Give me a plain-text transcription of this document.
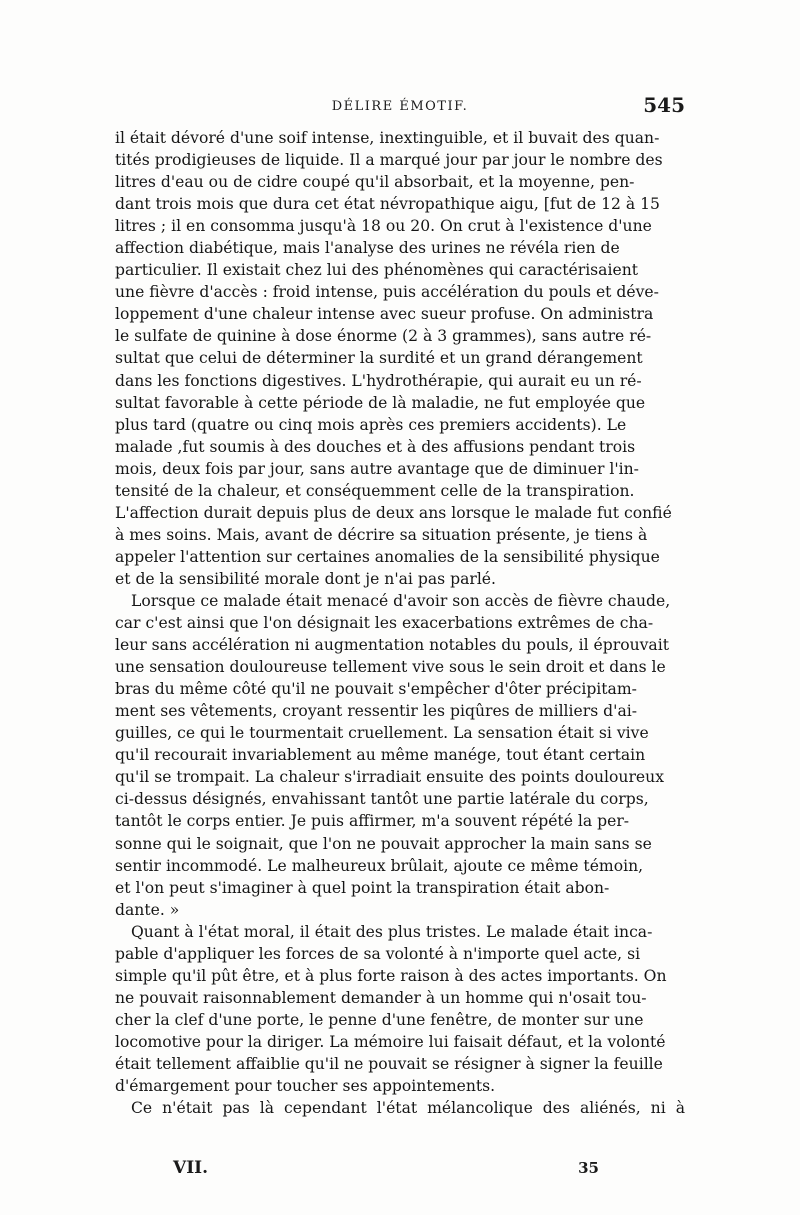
DÉLIRE ÉMOTIF.	545

il était dévoré d'une soif intense, inextinguible, et il buvait des quan-
tités prodigieuses de liquide. Il a marqué jour par jour le nombre des
litres d'eau ou de cidre coupé qu'il absorbait, et la moyenne, pen-
dant trois mois que dura cet état névropathique aigu, [fut de 12 à 15
litres ; il en consomma jusqu'à 18 ou 20. On crut à l'existence d'une
affection diabétique, mais l'analyse des urines ne révéla rien de
particulier. Il existait chez lui des phénomènes qui caractérisaient
une fièvre d'accès : froid intense, puis accélération du pouls et déve-
loppement d'une chaleur intense avec sueur profuse. On administra
le sulfate de quinine à dose énorme (2 à 3 grammes), sans autre ré-
sultat que celui de déterminer la surdité et un grand dérangement
dans les fonctions digestives. L'hydrothérapie, qui aurait eu un ré-
sultat favorable à cette période de là maladie, ne fut employée que
plus tard (quatre ou cinq mois après ces premiers accidents). Le
malade ,fut soumis à des douches et à des affusions pendant trois
mois, deux fois par jour, sans autre avantage que de diminuer l'in-
tensité de la chaleur, et conséquemment celle de la transpiration.
L'affection durait depuis plus de deux ans lorsque le malade fut confié
à mes soins. Mais, avant de décrire sa situation présente, je tiens à
appeler l'attention sur certaines anomalies de la sensibilité physique
et de la sensibilité morale dont je n'ai pas parlé.

Lorsque ce malade était menacé d'avoir son accès de fièvre chaude,
car c'est ainsi que l'on désignait les exacerbations extrêmes de cha-
leur sans accélération ni augmentation notables du pouls, il éprouvait
une sensation douloureuse tellement vive sous le sein droit et dans le
bras du même côté qu'il ne pouvait s'empêcher d'ôter précipitam-
ment ses vêtements, croyant ressentir les piqûres de milliers d'ai-
guilles, ce qui le tourmentait cruellement. La sensation était si vive
qu'il recourait invariablement au même manége, tout étant certain
qu'il se trompait. La chaleur s'irradiait ensuite des points douloureux
ci-dessus désignés, envahissant tantôt une partie latérale du corps,
tantôt le corps entier. Je puis affirmer, m'a souvent répété la per-
sonne qui le soignait, que l'on ne pouvait approcher la main sans se
sentir incommodé. Le malheureux brûlait, ajoute ce même témoin,
et l'on peut s'imaginer à quel point la transpiration était abon-
dante. »

Quant à l'état moral, il était des plus tristes. Le malade était inca-
pable d'appliquer les forces de sa volonté à n'importe quel acte, si
simple qu'il pût être, et à plus forte raison à des actes importants. On
ne pouvait raisonnablement demander à un homme qui n'osait tou-
cher la clef d'une porte, le penne d'une fenêtre, de monter sur une
locomotive pour la diriger. La mémoire lui faisait défaut, et la volonté
était tellement affaiblie qu'il ne pouvait se résigner à signer la feuille
d'émargement pour toucher ses appointements.

Ce n'était pas là cependant l'état mélancolique des aliénés, ni à

VII.	35
